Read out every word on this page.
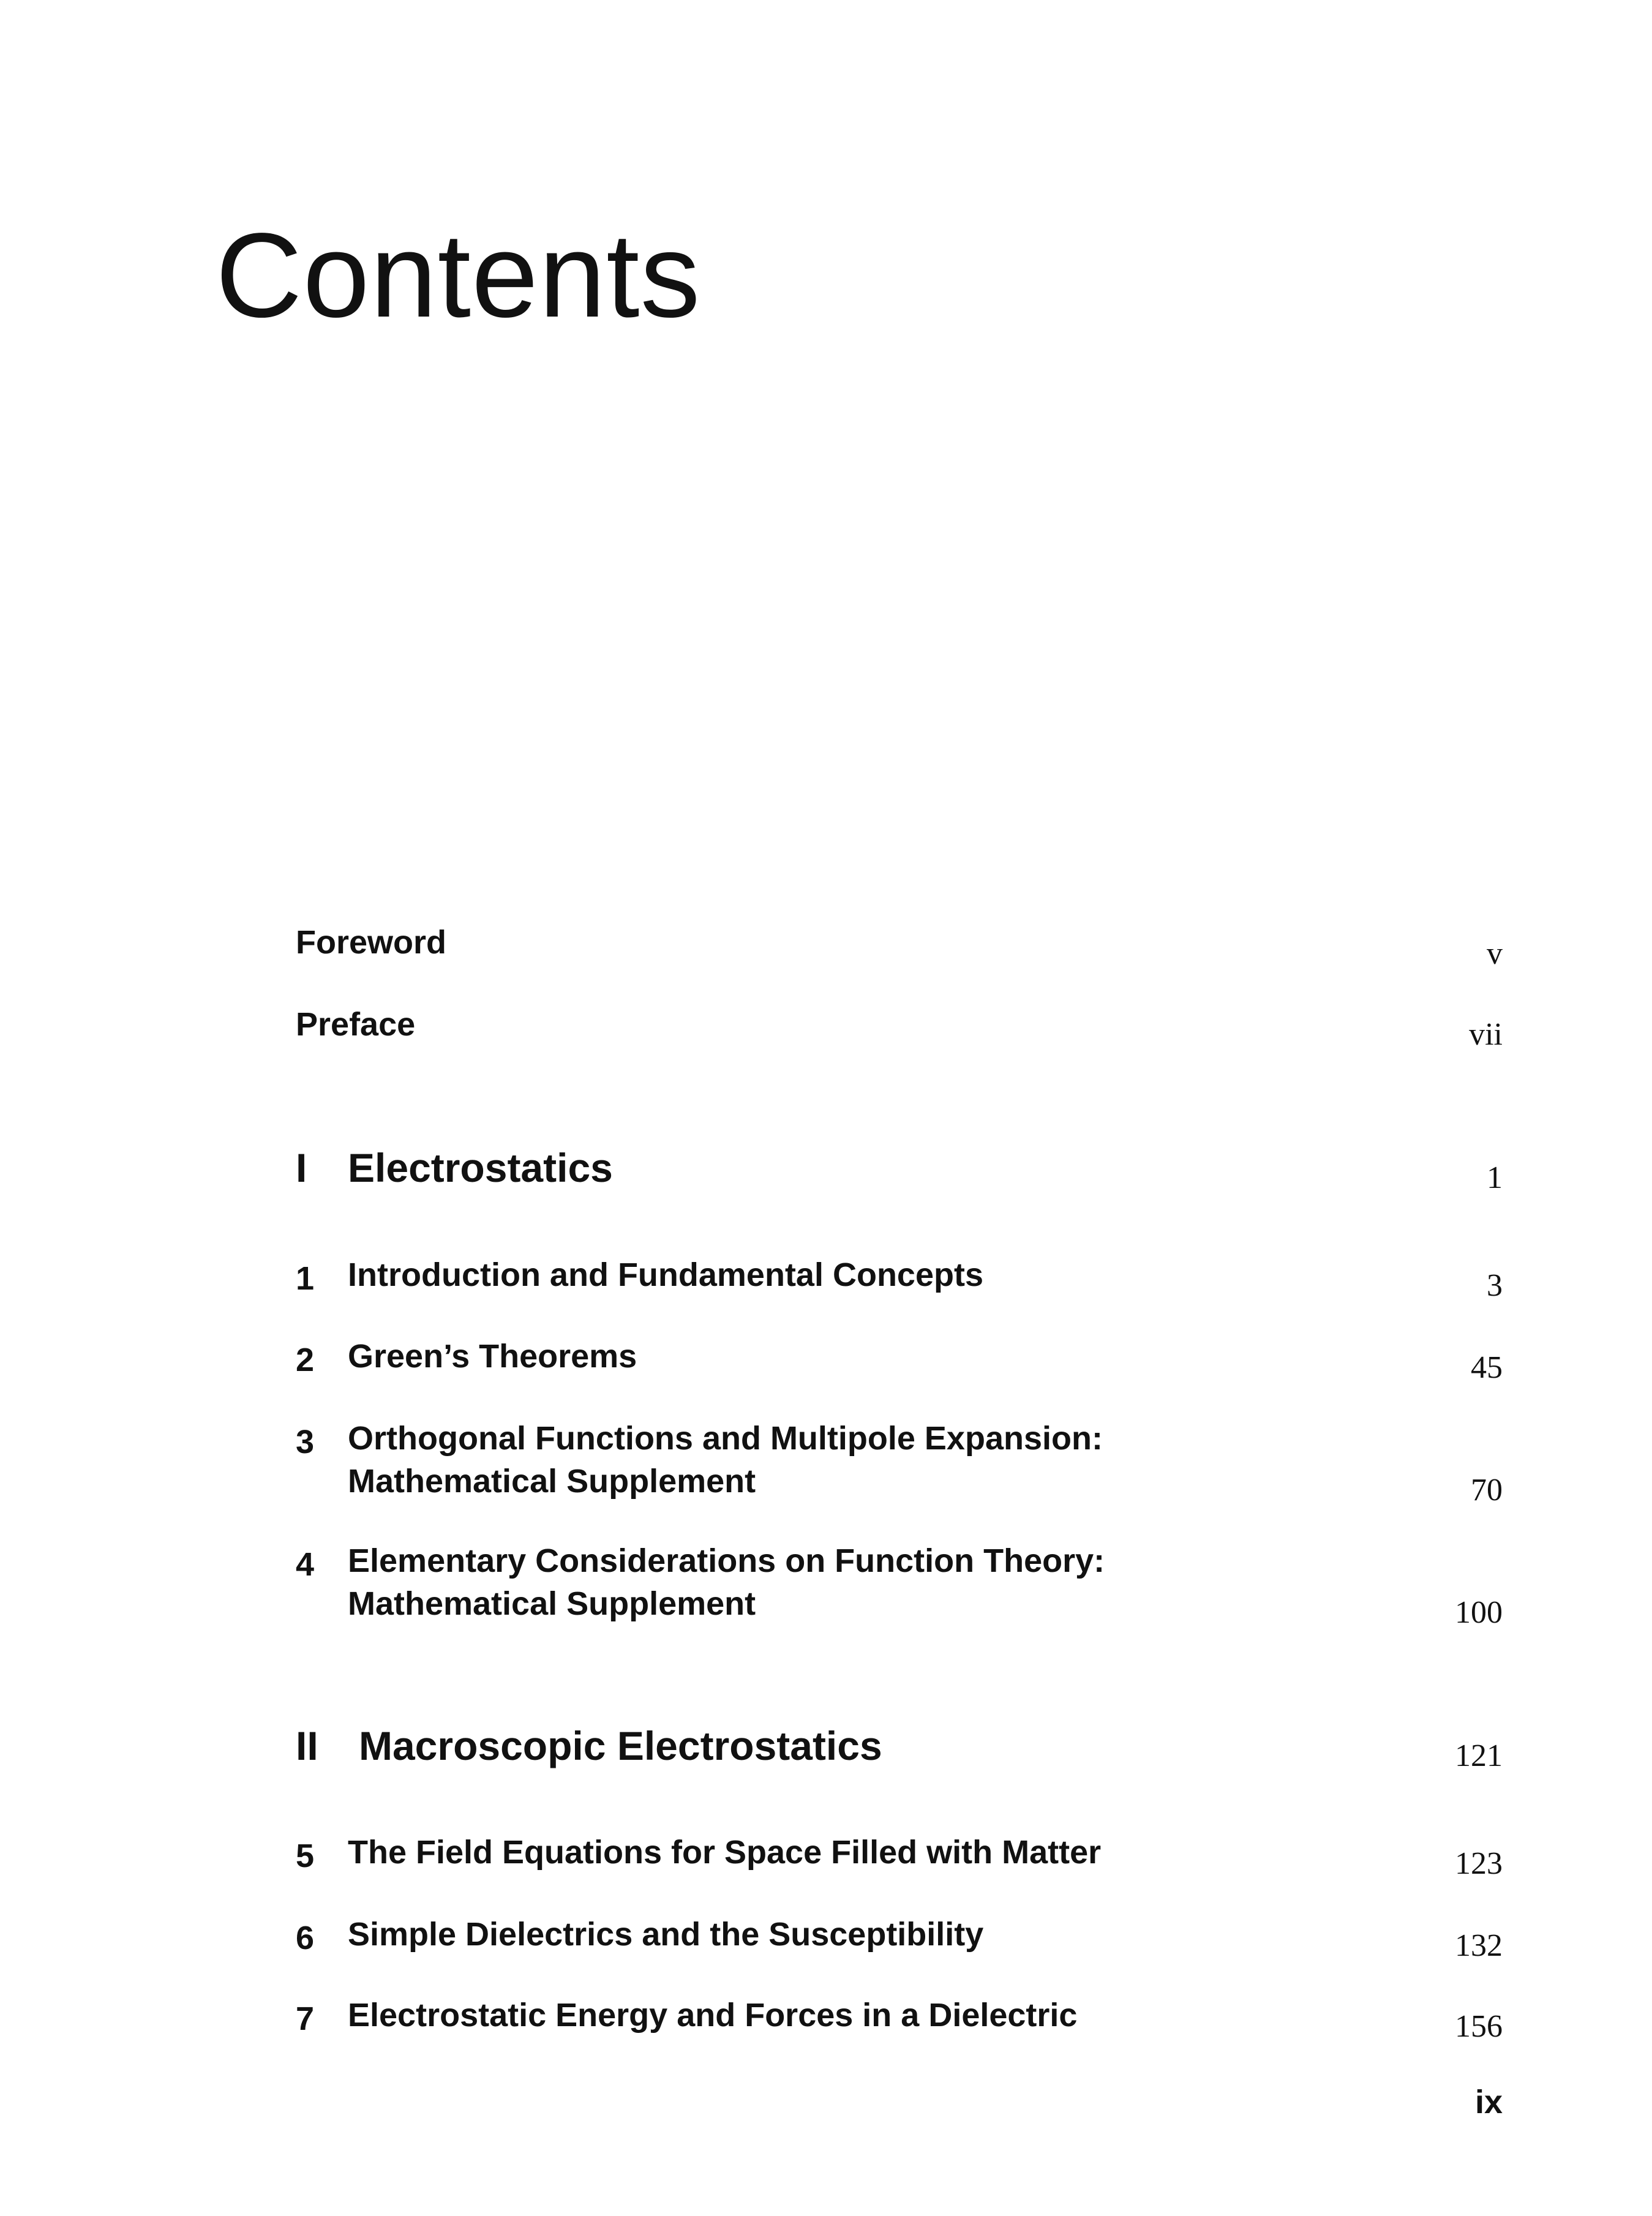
Contents
Foreword	v
Preface	vii
I Electrostatics	1
1 Introduction and Fundamental Concepts	3
2 Green’s Theorems	45
3 Orthogonal Functions and Multipole Expansion:
Mathematical Supplement	70
4 Elementary Considerations on Function Theory:
Mathematical Supplement	100
II Macroscopic Electrostatics	121
5 The Field Equations for Space Filled with Matter	123
6 Simple Dielectrics and the Susceptibility	132
7 Electrostatic Energy and Forces in a Dielectric	156
ix
